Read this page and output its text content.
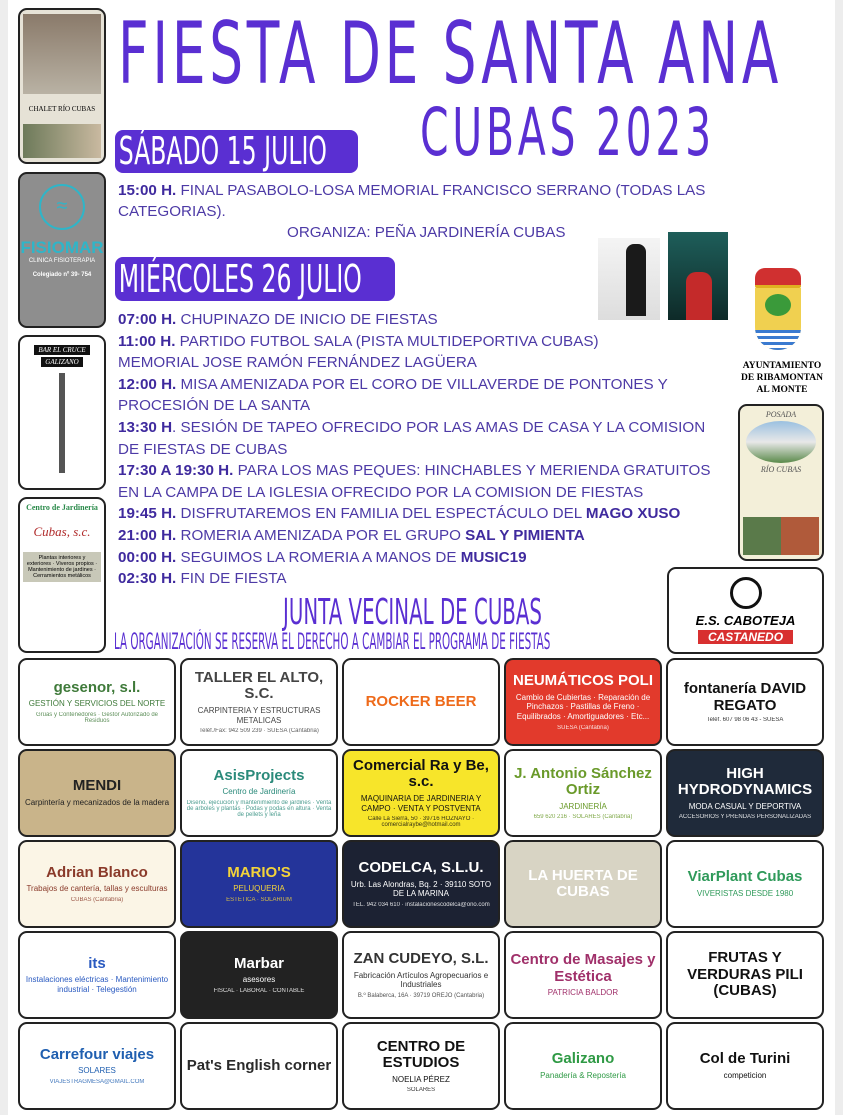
CHALET RÍO CUBAS
≈
FISIOMAR
CLINICA FISIOTERAPIA
Colegiado nº 39- 754
BAR EL CRUCE
GALIZANO
Centro de Jardinería
Cubas, s.c.
Plantas interiores y exteriores · Viveros propios · Mantenimiento de jardines · Cerramientos metálicos
FIESTA DE SANTA ANA
CUBAS 2023
SÁBADO 15 JULIO
15:00 H. FINAL PASABOLO-LOSA MEMORIAL FRANCISCO SERRANO (TODAS LAS
CATEGORIAS).
ORGANIZA: PEÑA JARDINERÍA CUBAS
MIÉRCOLES 26 JULIO
07:00 H. CHUPINAZO DE INICIO DE FIESTAS
11:00 H. PARTIDO FUTBOL SALA (PISTA MULTIDEPORTIVA CUBAS)
MEMORIAL JOSE RAMÓN FERNÁNDEZ LAGÜERA
12:00 H. MISA AMENIZADA POR EL CORO DE VILLAVERDE DE PONTONES Y
PROCESIÓN DE LA SANTA
13:30 H. SESIÓN DE TAPEO OFRECIDO POR LAS AMAS DE CASA Y LA COMISION
DE FIESTAS DE CUBAS
17:30 A 19:30 H. PARA LOS MAS PEQUES: HINCHABLES Y MERIENDA GRATUITOS
EN LA CAMPA DE LA IGLESIA OFRECIDO POR LA COMISION DE FIESTAS
19:45 H. DISFRUTAREMOS EN FAMILIA DEL ESPECTÁCULO DEL MAGO XUSO
21:00 H. ROMERIA AMENIZADA POR EL GRUPO SAL Y PIMIENTA
00:00 H. SEGUIMOS LA ROMERIA A MANOS DE MUSIC19
02:30 H. FIN DE FIESTA
AYUNTAMIENTO
DE RIBAMONTAN
AL MONTE
POSADA
RÍO CUBAS
E.S. CABOTEJA
CASTANEDO
JUNTA VECINAL DE CUBAS
LA ORGANIZACIÓN SE RESERVA EL DERECHO A CAMBIAR EL PROGRAMA DE FIESTAS
gesenor, s.l.
GESTIÓN Y SERVICIOS DEL NORTE
Grúas y Contenedores · Gestor Autorizado de Residuos
TALLER EL ALTO, S.C.
CARPINTERIA Y ESTRUCTURAS METALICAS
Teléf./Fax: 942 509 239 · SUESA (Cantabria)
ROCKER BEER
NEUMÁTICOS POLI
Cambio de Cubiertas · Reparación de Pinchazos · Pastillas de Freno · Equilibrados · Amortiguadores · Etc...
SUESA (Cantabria)
fontanería DAVID REGATO
Teléf. 607 98 06 43 - SUESA
MENDI
Carpintería y mecanizados de la madera
AsisProjects
Centro de Jardinería
Diseño, ejecución y mantenimiento de jardines · Venta de arboles y plantas · Podas y podas en altura · Venta de pellets y leña
Comercial Ra y Be, s.c.
MAQUINARIA DE JARDINERIA Y CAMPO · VENTA Y POSTVENTA
Calle La Sierra, 50 · 39716 HOZNAYO · comercialraybe@hotmail.com
J. Antonio Sánchez Ortiz
JARDINERÍA
659 620 216 · SOLARES (Cantabria)
HIGH HYDRODYNAMICS
MODA CASUAL Y DEPORTIVA
ACCESORIOS Y PRENDAS PERSONALIZADAS
Adrian Blanco
Trabajos de cantería, tallas y esculturas
CUBAS (Cantabria)
MARIO'S
PELUQUERIA
ESTETICA · SOLARIUM
CODELCA, S.L.U.
Urb. Las Alondras, Bq. 2 · 39110 SOTO DE LA MARINA
TEL. 942 034 610 · instalacionescodelca@ono.com
LA HUERTA DE CUBAS
ViarPlant Cubas
VIVERISTAS DESDE 1980
its
Instalaciones eléctricas · Mantenimiento industrial · Telegestión
Marbar
asesores
FISCAL · LABORAL · CONTABLE
ZAN CUDEYO, S.L.
Fabricación Artículos Agropecuarios e Industriales
B.º Balaberca, 16A · 39719 OREJO (Cantabria)
Centro de Masajes y Estética
PATRICIA BALDOR
FRUTAS Y VERDURAS PILI (CUBAS)
Carrefour viajes
SOLARES
VIAJESTRAGMESA@GMAIL.COM
Pat's English corner
CENTRO DE ESTUDIOS
NOELIA PÉREZ
SOLARES
Galizano
Panadería & Repostería
Col de Turini
competicion
